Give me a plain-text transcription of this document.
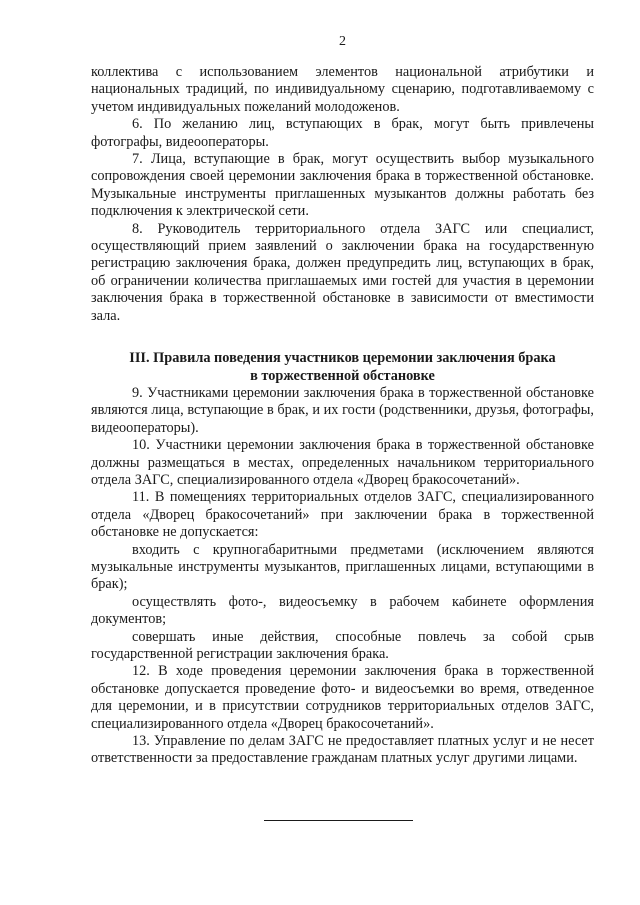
2

коллектива с использованием элементов национальной атрибутики и национальных традиций, по индивидуальному сценарию, подготавливаемому с учетом индивидуальных пожеланий молодоженов.

6. По желанию лиц, вступающих в брак, могут быть привлечены фотографы, видеооператоры.

7. Лица, вступающие в брак, могут осуществить выбор музыкального сопровождения своей церемонии заключения брака в торжественной обстановке. Музыкальные инструменты приглашенных музыкантов должны работать без подключения к электрической сети.

8. Руководитель территориального отдела ЗАГС или специалист, осуществляющий прием заявлений о заключении брака на государственную регистрацию заключения брака, должен предупредить лиц, вступающих в брак, об ограничении количества приглашаемых ими гостей для участия в церемонии заключения брака в торжественной обстановке в зависимости от вместимости зала.

III. Правила поведения участников церемонии заключения брака
в торжественной обстановке

9. Участниками церемонии заключения брака в торжественной обстановке являются лица, вступающие в брак, и их гости (родственники, друзья, фотографы, видеооператоры).

10. Участники церемонии заключения брака в торжественной обстановке должны размещаться в местах, определенных начальником территориального отдела ЗАГС, специализированного отдела «Дворец бракосочетаний».

11. В помещениях территориальных отделов ЗАГС, специализированного отдела «Дворец бракосочетаний» при заключении брака в торжественной обстановке не допускается:

входить с крупногабаритными предметами (исключением являются музыкальные инструменты музыкантов, приглашенных лицами, вступающими в брак);

осуществлять фото-, видеосъемку в рабочем кабинете оформления документов;

совершать иные действия, способные повлечь за собой срыв государственной регистрации заключения брака.

12. В ходе проведения церемонии заключения брака в торжественной обстановке допускается проведение фото- и видеосъемки во время, отведенное для церемонии, и в присутствии сотрудников территориальных отделов ЗАГС, специализированного отдела «Дворец бракосочетаний».

13. Управление по делам ЗАГС не предоставляет платных услуг и не несет ответственности за предоставление гражданам платных услуг другими лицами.
